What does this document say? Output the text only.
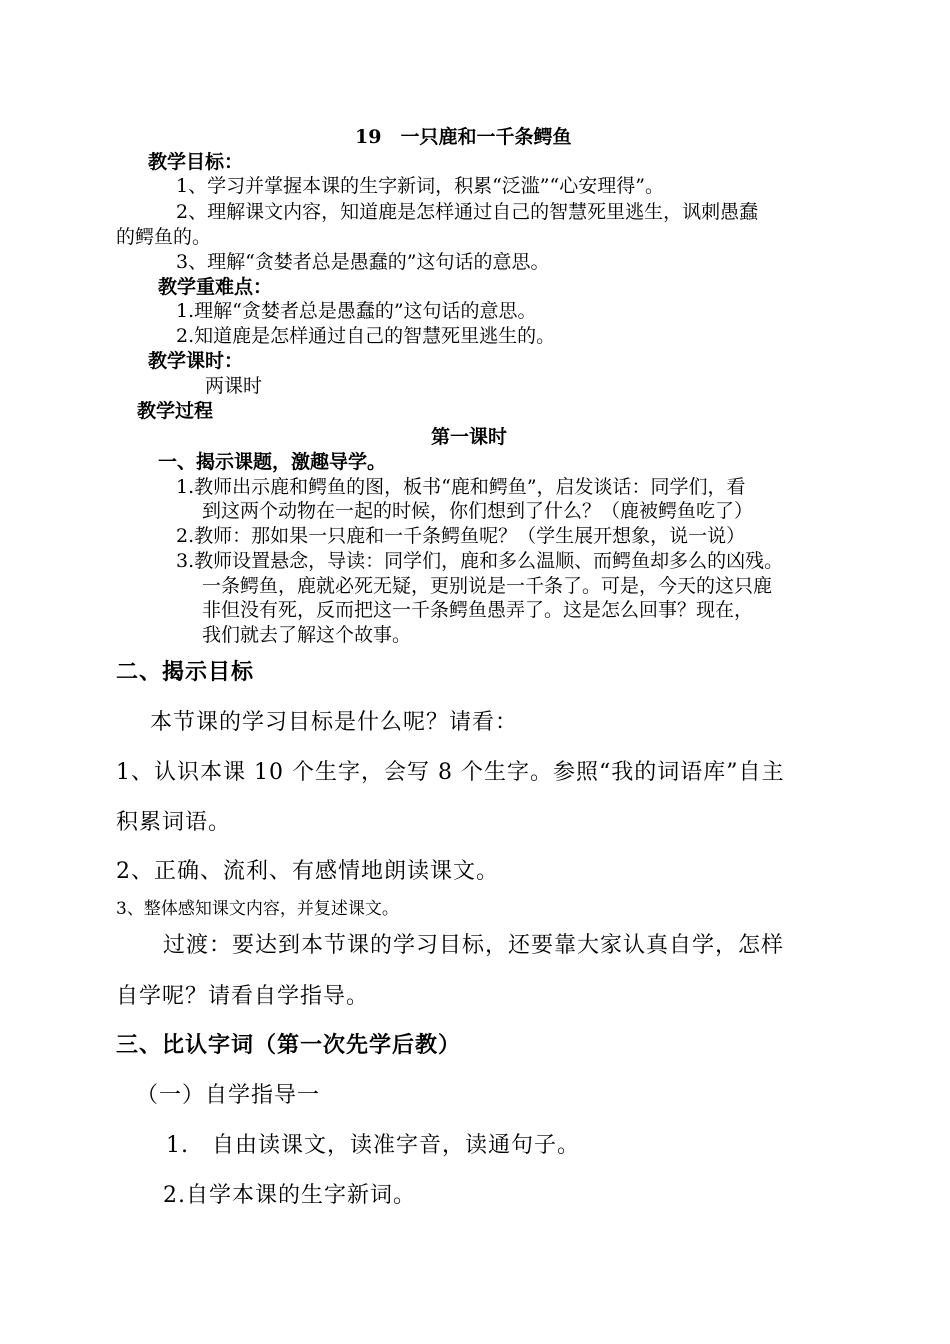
19　一只鹿和一千条鳄鱼
教学目标：
1、学习并掌握本课的生字新词，积累“泛滥”“心安理得”。
2、理解课文内容，知道鹿是怎样通过自己的智慧死里逃生，讽刺愚蠢
的鳄鱼的。
3、理解“贪婪者总是愚蠢的”这句话的意思。
教学重难点：
1.理解“贪婪者总是愚蠢的”这句话的意思。
2.知道鹿是怎样通过自己的智慧死里逃生的。
教学课时：
两课时
教学过程
第一课时
一、揭示课题，激趣导学。
1.教师出示鹿和鳄鱼的图，板书“鹿和鳄鱼”，启发谈话：同学们，看
到这两个动物在一起的时候，你们想到了什么？（鹿被鳄鱼吃了）
2.教师：那如果一只鹿和一千条鳄鱼呢？（学生展开想象，说一说）
3.教师设置悬念，导读：同学们，鹿和多么温顺、而鳄鱼却多么的凶残。
一条鳄鱼，鹿就必死无疑，更别说是一千条了。可是，今天的这只鹿
非但没有死，反而把这一千条鳄鱼愚弄了。这是怎么回事？现在，
我们就去了解这个故事。
二、揭示目标
本节课的学习目标是什么呢？请看：
1、认识本课 10 个生字，会写 8 个生字。参照“我的词语库”自主
积累词语。
2、正确、流利、有感情地朗读课文。
3、整体感知课文内容，并复述课文。
过渡：要达到本节课的学习目标，还要靠大家认真自学，怎样
自学呢？请看自学指导。
三、比认字词（第一次先学后教）
（一）自学指导一
1.　自由读课文，读准字音，读通句子。
2.自学本课的生字新词。
